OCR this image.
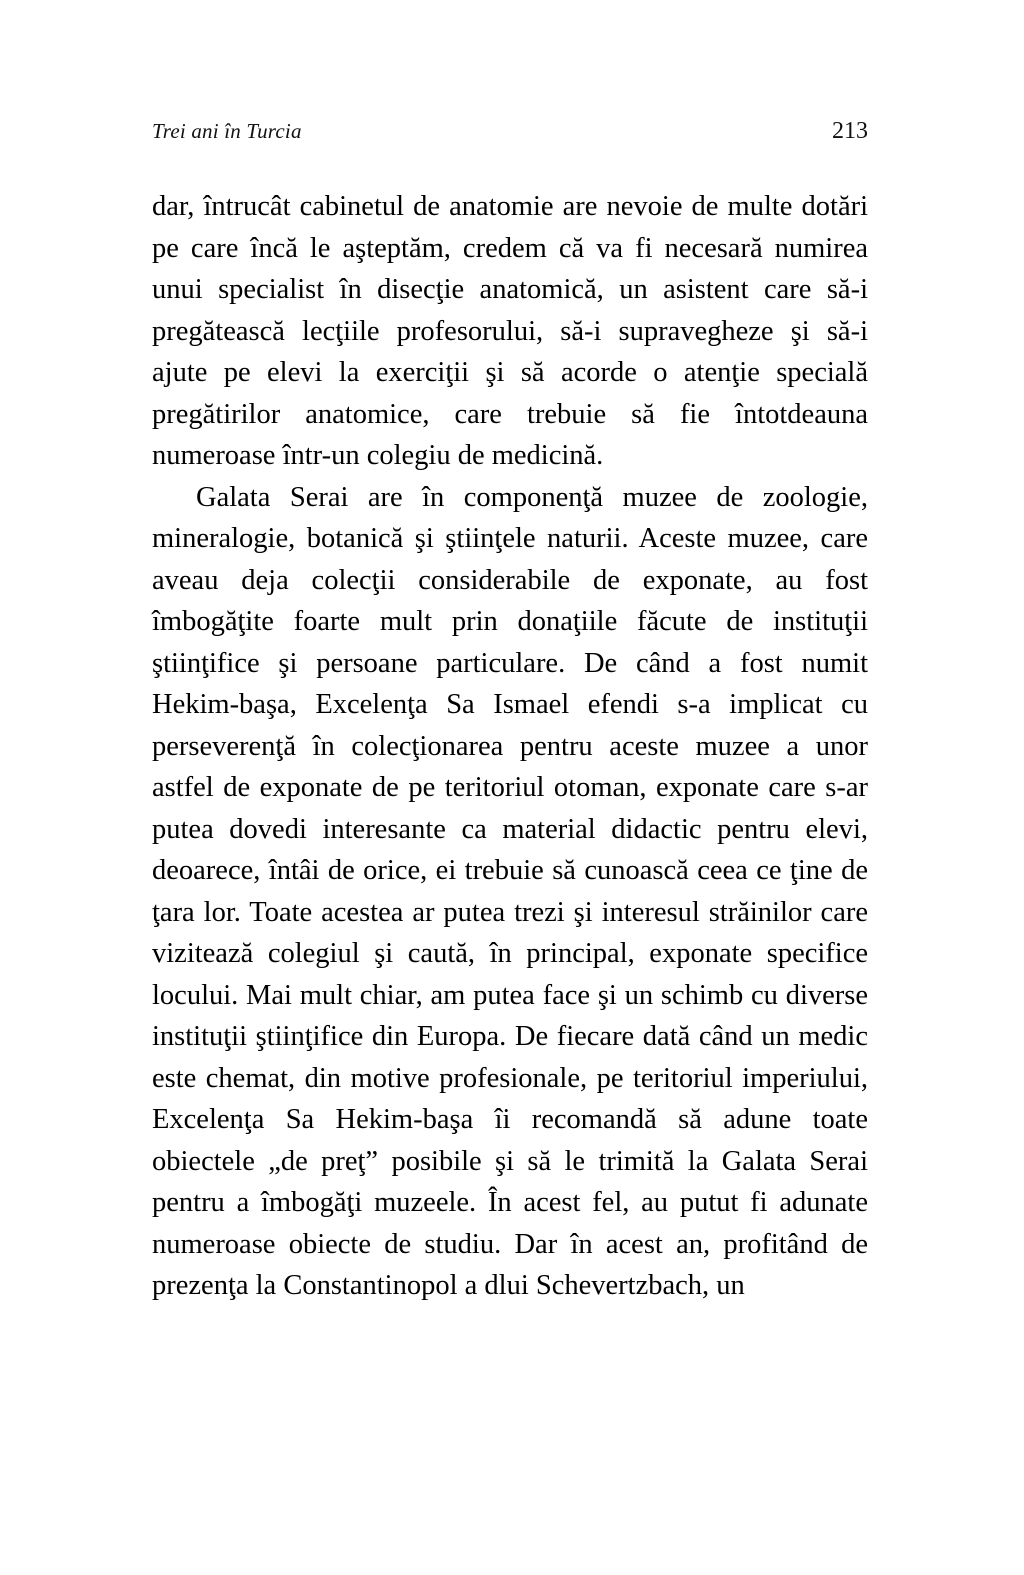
Trei ani în Turcia	213

dar, întrucât cabinetul de anatomie are nevoie de multe dotări pe care încă le aşteptăm, credem că va fi necesară numirea unui specialist în disecţie anatomică, un asistent care să-i pregătească lecţiile profesorului, să-i supravegheze şi să-i ajute pe elevi la exerciţii şi să acorde o atenţie specială pregătirilor anatomice, care trebuie să fie întotdeauna numeroase într-un colegiu de medicină.

Galata Serai are în componenţă muzee de zoologie, mineralogie, botanică şi ştiinţele naturii. Aceste muzee, care aveau deja colecţii considerabile de exponate, au fost îmbogăţite foarte mult prin donaţiile făcute de instituţii ştiinţifice şi persoane particulare. De când a fost numit Hekim-başa, Excelenţa Sa Ismael efendi s-a implicat cu perseverenţă în colecţionarea pentru aceste muzee a unor astfel de exponate de pe teritoriul otoman, exponate care s-ar putea dovedi interesante ca material didactic pentru elevi, deoarece, întâi de orice, ei trebuie să cunoască ceea ce ţine de ţara lor. Toate acestea ar putea trezi şi interesul străinilor care vizitează colegiul şi caută, în principal, exponate specifice locului. Mai mult chiar, am putea face şi un schimb cu diverse instituţii ştiinţifice din Europa. De fiecare dată când un medic este chemat, din motive profesionale, pe teritoriul imperiului, Excelenţa Sa Hekim-başa îi recomandă să adune toate obiectele „de preţ” posibile şi să le trimită la Galata Serai pentru a îmbogăţi muzeele. În acest fel, au putut fi adunate numeroase obiecte de studiu. Dar în acest an, profitând de prezenţa la Constantinopol a dlui Schevertzbach, un
